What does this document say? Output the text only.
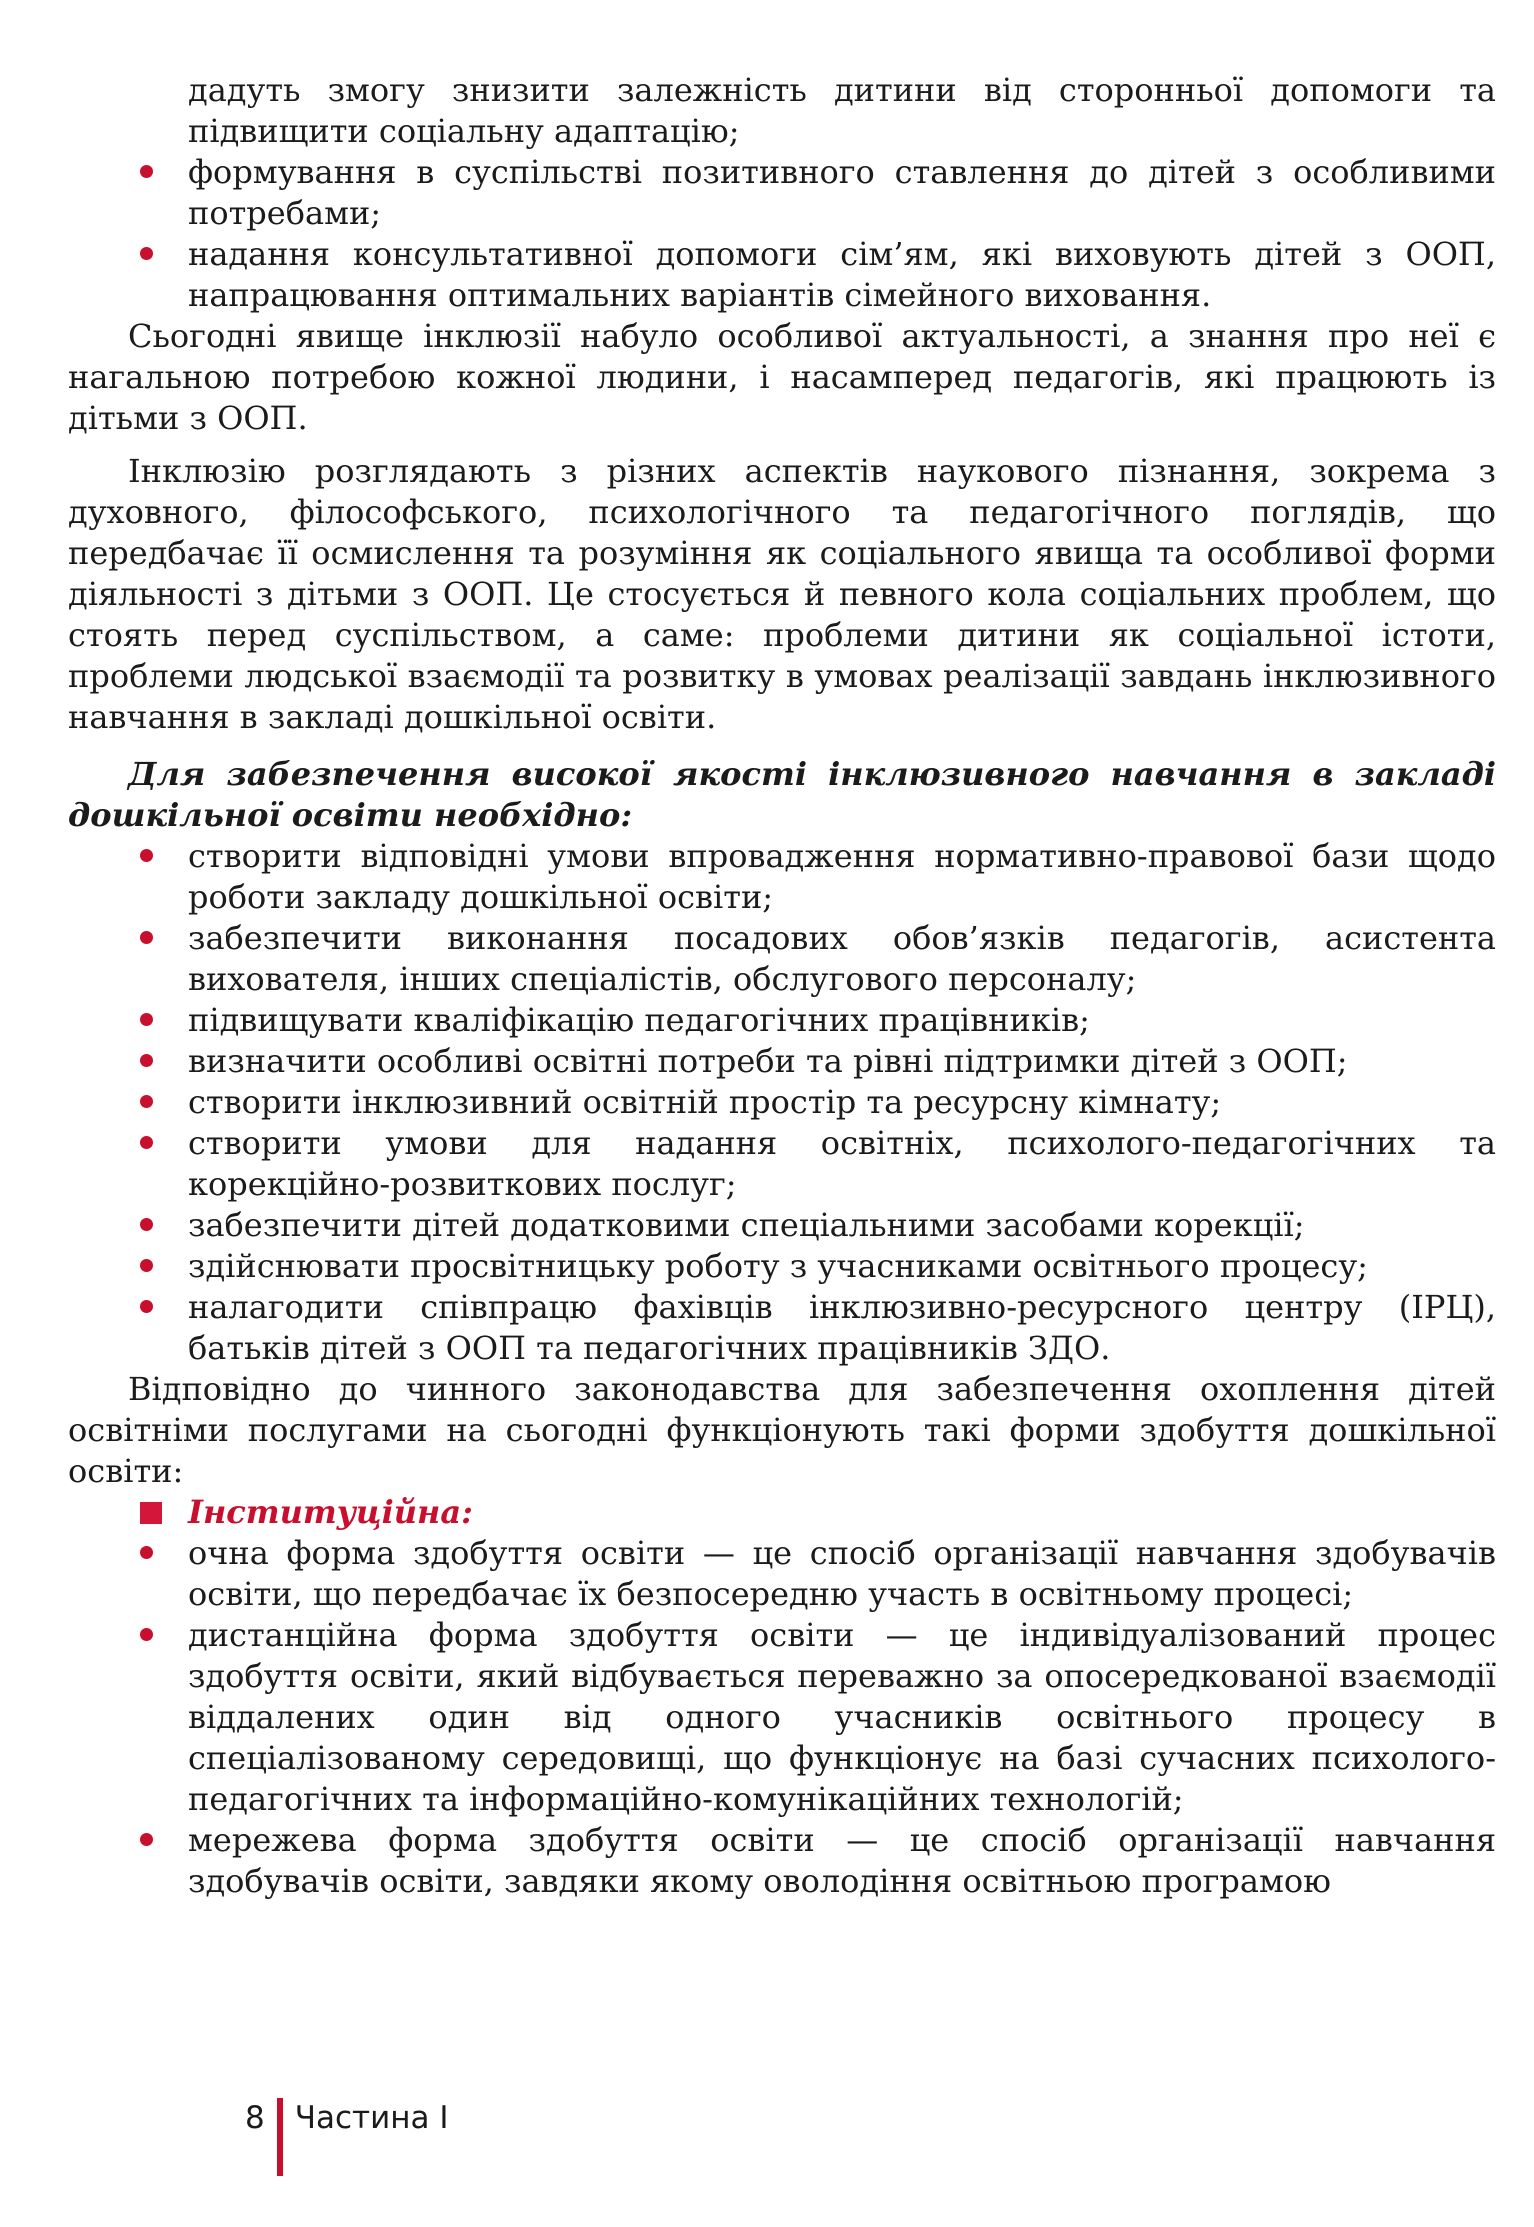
дадуть змогу знизити залежність дитини від сторонньої допомоги та підвищити соціальну адаптацію;

формування в суспільстві позитивного ставлення до дітей з особливими потребами;
надання консультативної допомоги сім’ям, які виховують дітей з ООП, напрацювання оптимальних варіантів сімейного виховання.

Сьогодні явище інклюзії набуло особливої актуальності, а знання про неї є нагальною потребою кожної людини, і насамперед педагогів, які працюють із дітьми з ООП.

Інклюзію розглядають з різних аспектів наукового пізнання, зокрема з духовного, філософського, психологічного та педагогічного поглядів, що передбачає її осмислення та розуміння як соціального явища та особливої форми діяльності з дітьми з ООП. Це стосується й певного кола соціальних проблем, що стоять перед суспільством, а саме: проблеми дитини як соціальної істоти, проблеми людської взаємодії та розвитку в умовах реалізації завдань інклюзивного навчання в закладі дошкільної освіти.

Для забезпечення високої якості інклюзивного навчання в закладі дошкільної освіти необхідно:

створити відповідні умови впровадження нормативно-правової бази щодо роботи закладу дошкільної освіти;
забезпечити виконання посадових обов’язків педагогів, асистента вихователя, інших спеціалістів, обслугового персоналу;
підвищувати кваліфікацію педагогічних працівників;
визначити особливі освітні потреби та рівні підтримки дітей з ООП;
створити інклюзивний освітній простір та ресурсну кімнату;
створити умови для надання освітніх, психолого-педагогічних та корекційно-розвиткових послуг;
забезпечити дітей додатковими спеціальними засобами корекції;
здійснювати просвітницьку роботу з учасниками освітнього процесу;
налагодити співпрацю фахівців інклюзивно-ресурсного центру (ІРЦ), батьків дітей з ООП та педагогічних працівників ЗДО.

Відповідно до чинного законодавства для забезпечення охоплення дітей освітніми послугами на сьогодні функціонують такі форми здобуття дошкільної освіти:

Інституційна:
очна форма здобуття освіти — це спосіб організації навчання здобувачів освіти, що передбачає їх безпосередню участь в освітньому процесі;
дистанційна форма здобуття освіти — це індивідуалізований процес здобуття освіти, який відбувається переважно за опосередкованої взаємодії віддалених один від одного учасників освітнього процесу в спеціалізованому середовищі, що функціонує на базі сучасних психолого-педагогічних та інформаційно-комунікаційних технологій;
мережева форма здобуття освіти — це спосіб організації навчання здобувачів освіти, завдяки якому оволодіння освітньою програмою
8 Частина I
